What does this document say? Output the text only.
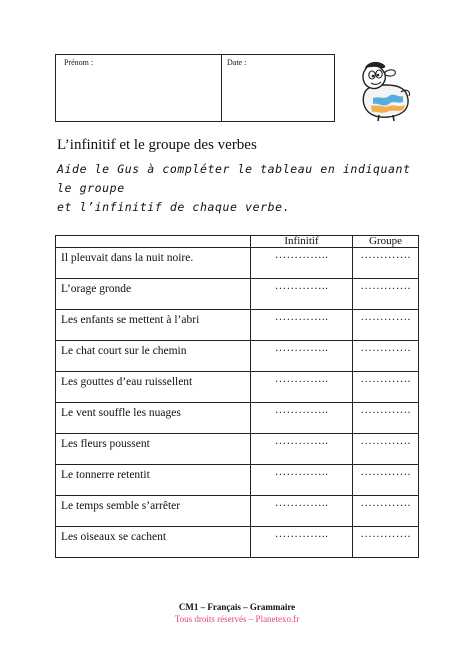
Prénom :	Date :
L’infinitif et le groupe des verbes
Aide le Gus à compléter le tableau en indiquant le groupe
et l’infinitif de chaque verbe.
	Infinitif	Groupe
Il pleuvait dans la nuit noire.	…………..	………….
L’orage gronde	…………..	………….
Les enfants se mettent à l’abri	…………..	………….
Le chat court sur le chemin	…………..	………….
Les gouttes d’eau ruissellent	…………..	………….
Le vent souffle les nuages	…………..	………….
Les fleurs poussent	…………..	………….
Le tonnerre retentit	…………..	………….
Le temps semble s’arrêter	…………..	………….
Les oiseaux se cachent	…………..	………….
CM1 – Français – Grammaire
Tous droits réservés – Planetexo.fr
